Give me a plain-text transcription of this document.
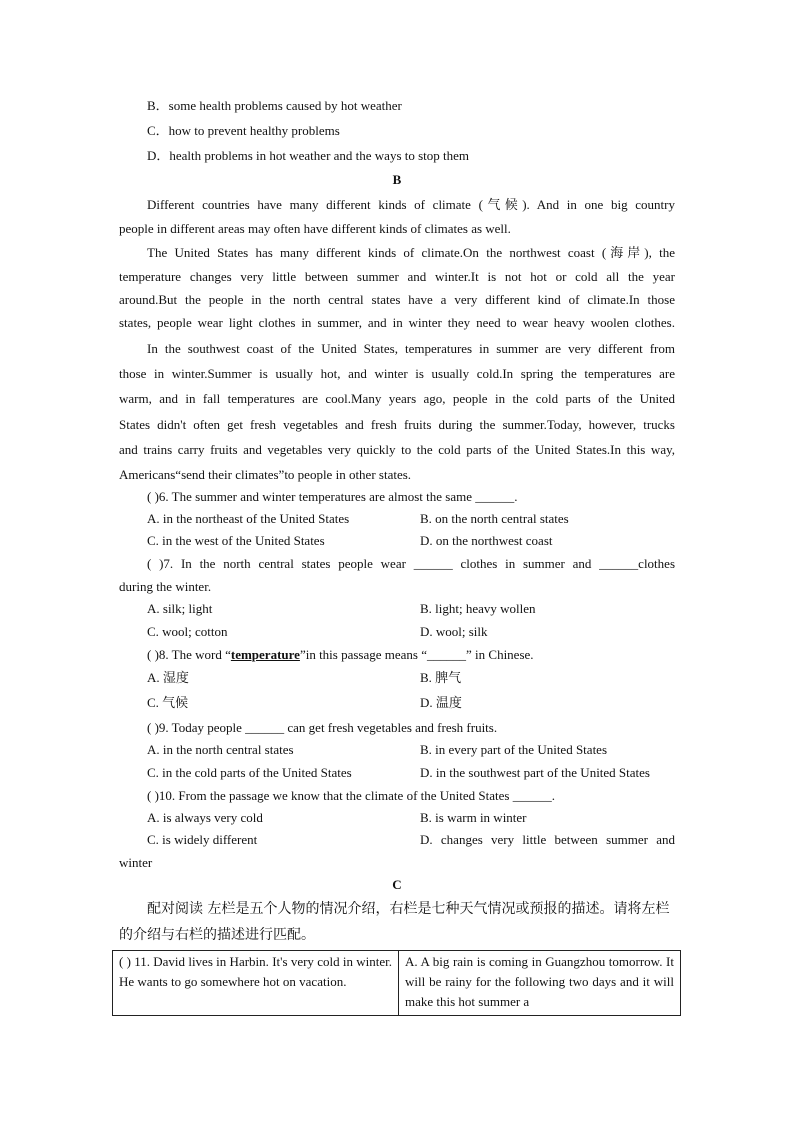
B．some health problems caused by hot weather
C．how to prevent healthy problems
D．health problems in hot weather and the ways to stop them
B
Different countries have many different kinds of climate (气候). And in one big country
people in different areas may often have different kinds of climates as well.
The United States has many different kinds of climate.On the northwest coast (海岸), the
temperature changes very little between summer and winter.It is not hot or cold all the year
around.But the people in the north central states have a very different kind of climate.In those
states, people wear light clothes in summer, and in winter they need to wear heavy woolen clothes.
In the southwest coast of the United States, temperatures in summer are very different from
those in winter.Summer is usually hot, and winter is usually cold.In spring the temperatures are
warm, and in fall temperatures are cool.Many years ago, people in the cold parts of the United
States didn't often get fresh vegetables and fresh fruits during the summer.Today, however, trucks
and trains carry fruits and vegetables very quickly to the cold parts of the United States.In this way,
Americans“send their climates”to people in other states.
( )6. The summer and winter temperatures are almost the same ______.
A. in the northeast of the United States	B. on the north central states
C. in the west of the United States	D. on the northwest coast
( )7. In the north central states people wear ______ clothes in summer and ______clothes
during the winter.
A. silk; light	B. light; heavy wollen
C. wool; cotton	D. wool; silk
( )8. The word “temperature”in this passage means “______” in Chinese.
A. 湿度	B. 脾气
C. 气候	D. 温度
( )9. Today people ______ can get fresh vegetables and fresh fruits.
A. in the north central states	B. in every part of the United States
C. in the cold parts of the United States	D. in the southwest part of the United States
( )10. From the passage we know that the climate of the United States ______.
A. is always very cold	B. is warm in winter
C. is widely different	D. changes very little between summer and
winter
C
配对阅读 左栏是五个人物的情况介绍，右栏是七种天气情况或预报的描述。请将左栏
的介绍与右栏的描述进行匹配。
( ) 11. David lives in Harbin. It's very cold in winter. He wants to go somewhere hot on vacation.	A. A big rain is coming in Guangzhou tomorrow. It will be rainy for the following two days and it will make this hot summer a
